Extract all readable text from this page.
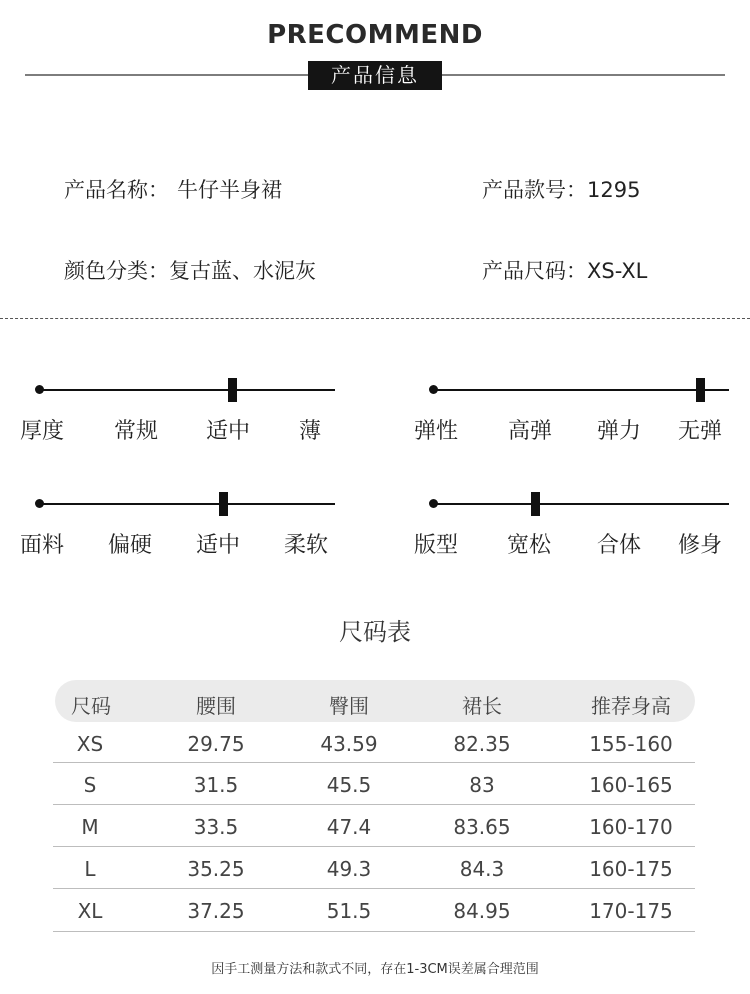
PRECOMMEND
产品信息
产品名称： 牛仔半身裙	产品款号：1295
颜色分类：复古蓝、水泥灰	产品尺码：XS-XL
厚度 常规 适中 薄	弹性 高弹 弹力 无弹
面料 偏硬 适中 柔软	版型 宽松 合体 修身
尺码表
尺码	腰围	臀围	裙长	推荐身高
XS	29.75	43.59	82.35	155-160
S	31.5	45.5	83	160-165
M	33.5	47.4	83.65	160-170
L	35.25	49.3	84.3	160-175
XL	37.25	51.5	84.95	170-175
因手工测量方法和款式不同，存在1-3CM误差属合理范围
